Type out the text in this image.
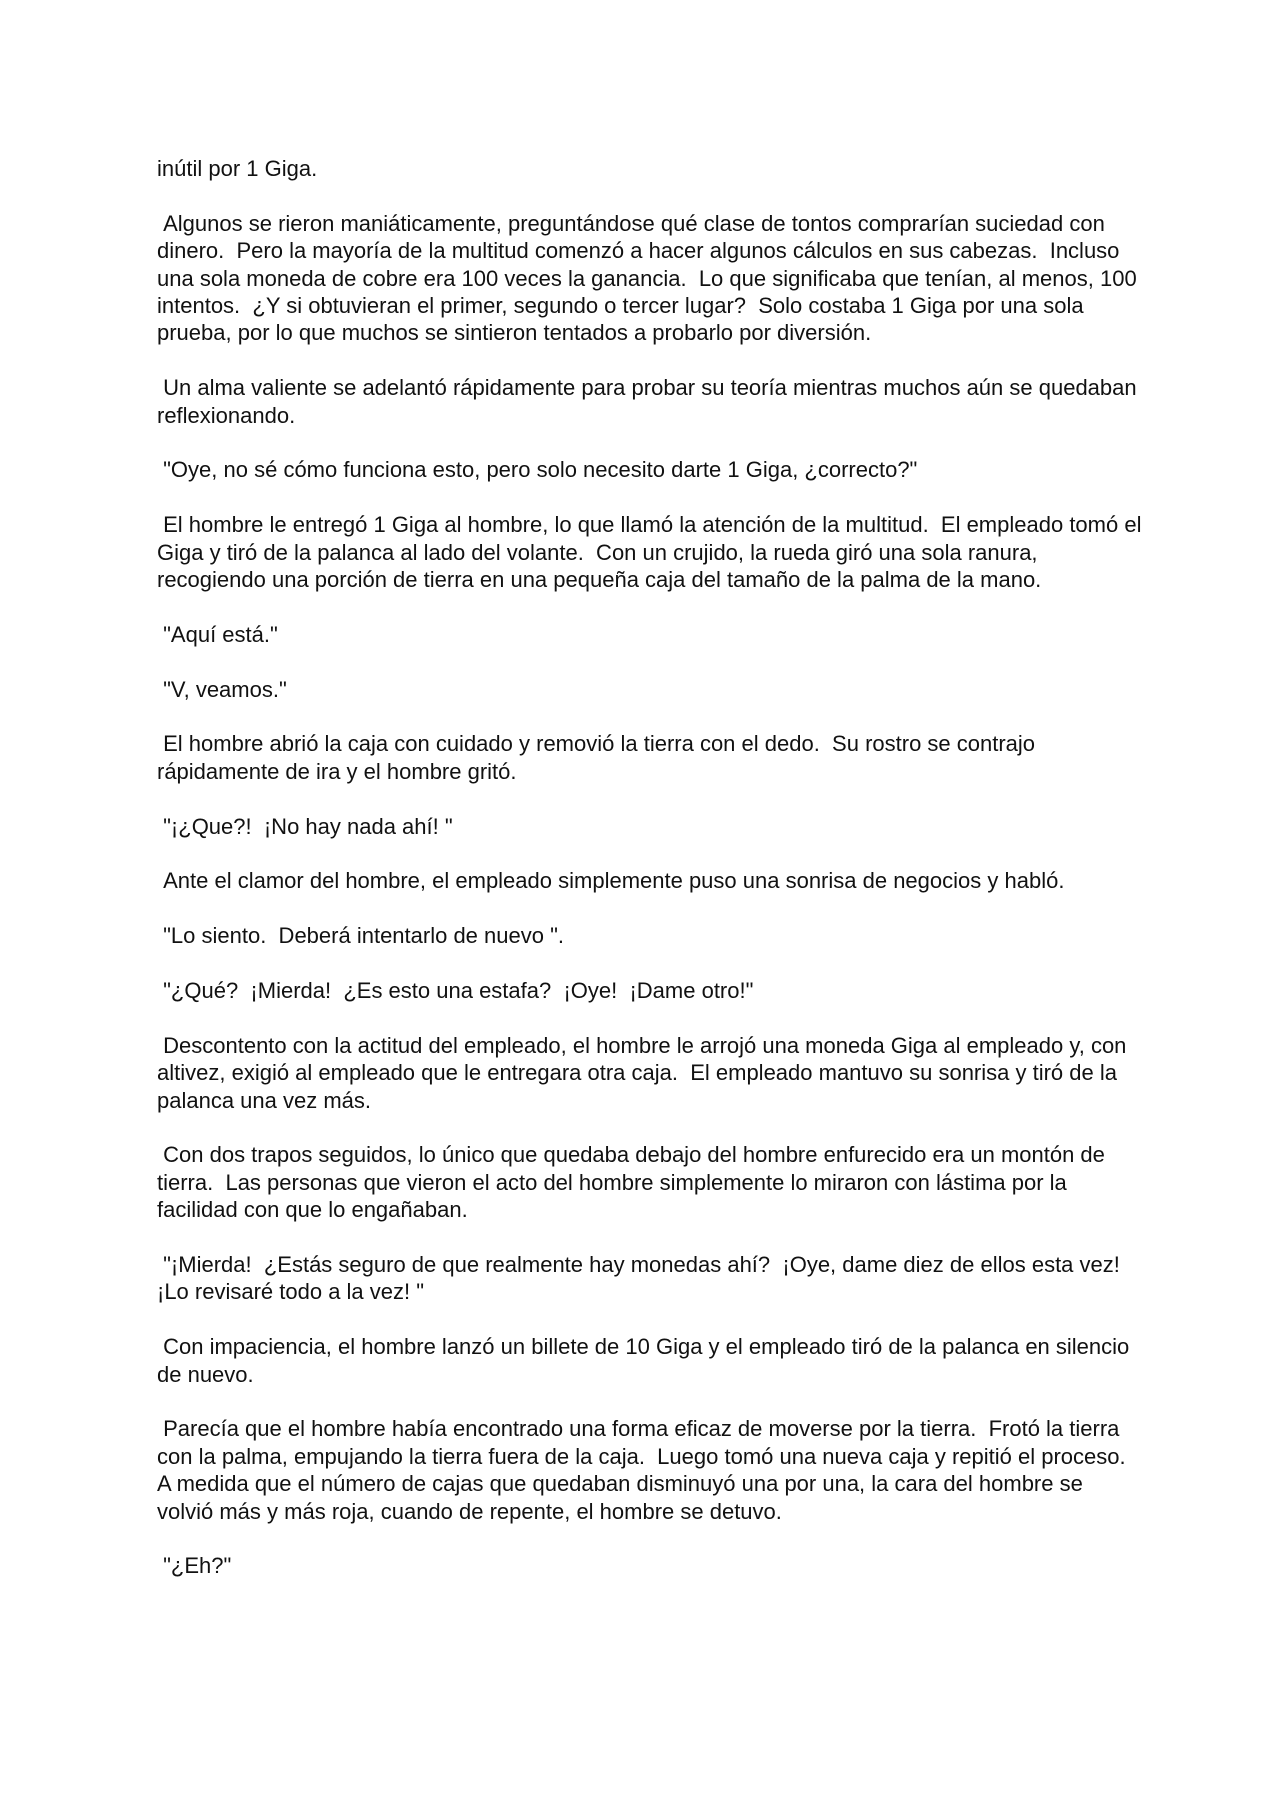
inútil por 1 Giga.

Algunos se rieron maniáticamente, preguntándose qué clase de tontos comprarían suciedad con dinero.  Pero la mayoría de la multitud comenzó a hacer algunos cálculos en sus cabezas.  Incluso una sola moneda de cobre era 100 veces la ganancia.  Lo que significaba que tenían, al menos, 100 intentos.  ¿Y si obtuvieran el primer, segundo o tercer lugar?  Solo costaba 1 Giga por una sola prueba, por lo que muchos se sintieron tentados a probarlo por diversión.

Un alma valiente se adelantó rápidamente para probar su teoría mientras muchos aún se quedaban reflexionando.

"Oye, no sé cómo funciona esto, pero solo necesito darte 1 Giga, ¿correcto?"

El hombre le entregó 1 Giga al hombre, lo que llamó la atención de la multitud.  El empleado tomó el Giga y tiró de la palanca al lado del volante.  Con un crujido, la rueda giró una sola ranura, recogiendo una porción de tierra en una pequeña caja del tamaño de la palma de la mano.

"Aquí está."

"V, veamos."

El hombre abrió la caja con cuidado y removió la tierra con el dedo.  Su rostro se contrajo rápidamente de ira y el hombre gritó.

"¡¿Que?!  ¡No hay nada ahí! "

Ante el clamor del hombre, el empleado simplemente puso una sonrisa de negocios y habló.

"Lo siento.  Deberá intentarlo de nuevo ".

"¿Qué?  ¡Mierda!  ¿Es esto una estafa?  ¡Oye!  ¡Dame otro!"

Descontento con la actitud del empleado, el hombre le arrojó una moneda Giga al empleado y, con altivez, exigió al empleado que le entregara otra caja.  El empleado mantuvo su sonrisa y tiró de la palanca una vez más.

Con dos trapos seguidos, lo único que quedaba debajo del hombre enfurecido era un montón de tierra.  Las personas que vieron el acto del hombre simplemente lo miraron con lástima por la facilidad con que lo engañaban.

"¡Mierda!  ¿Estás seguro de que realmente hay monedas ahí?  ¡Oye, dame diez de ellos esta vez!  ¡Lo revisaré todo a la vez! "

Con impaciencia, el hombre lanzó un billete de 10 Giga y el empleado tiró de la palanca en silencio de nuevo.

Parecía que el hombre había encontrado una forma eficaz de moverse por la tierra.  Frotó la tierra con la palma, empujando la tierra fuera de la caja.  Luego tomó una nueva caja y repitió el proceso.  A medida que el número de cajas que quedaban disminuyó una por una, la cara del hombre se volvió más y más roja, cuando de repente, el hombre se detuvo.

"¿Eh?"
